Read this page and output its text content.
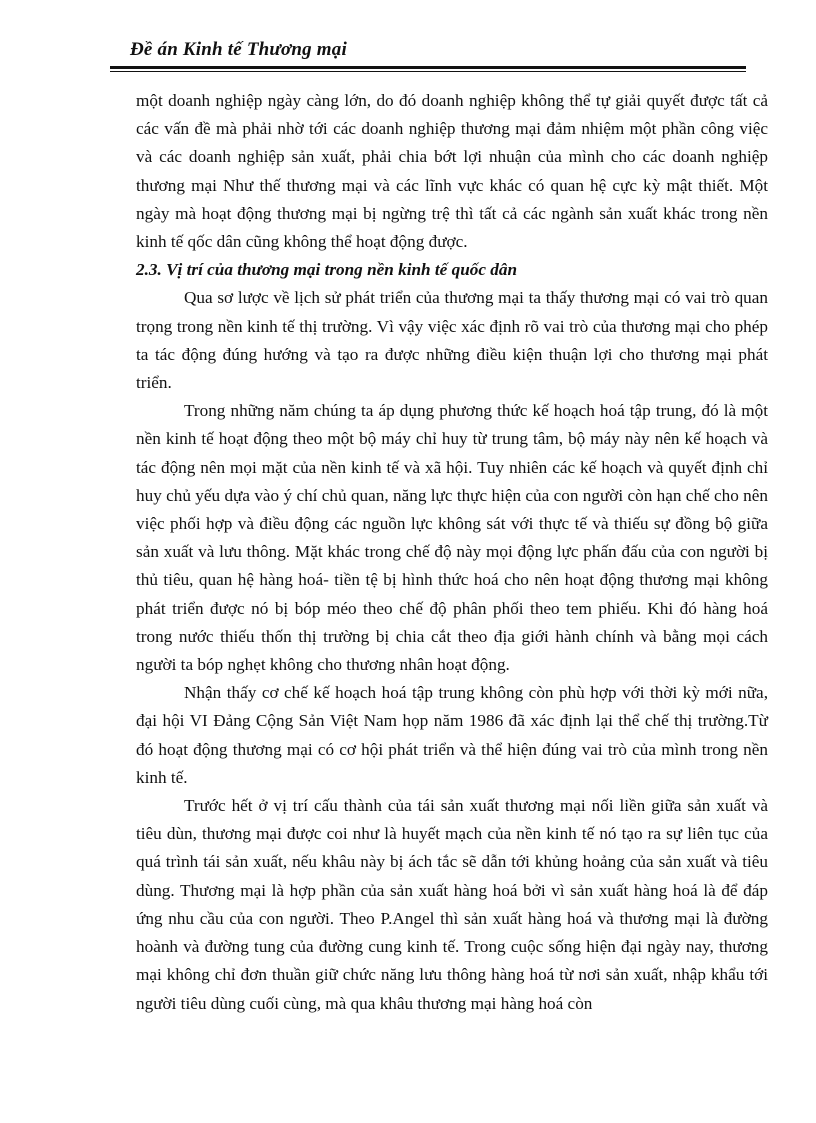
Đề án Kinh tế Thương mại

một doanh nghiệp ngày càng lớn, do đó doanh nghiệp không thể tự giải quyết được tất cả các vấn đề mà phải nhờ tới các doanh nghiệp thương mại đảm nhiệm một phần công việc và các doanh nghiệp sản xuất, phải chia bớt lợi nhuận của mình cho các doanh nghiệp thương mại Như thế thương mại và các lĩnh vực khác có quan hệ cực kỳ mật thiết. Một ngày mà hoạt động thương mại bị ngừng trệ thì tất cả các ngành sản xuất khác trong nền kinh tế qốc dân cũng không thể hoạt động được.

2.3. Vị trí của thương mại trong nền kinh tế quốc dân

Qua sơ lược về lịch sử phát triển của thương mại ta thấy thương mại có vai trò quan trọng trong nền kinh tế thị trường. Vì vậy việc xác định rõ vai trò của thương mại cho phép ta tác động đúng hướng và tạo ra được những điều kiện thuận lợi cho thương mại phát triển.

Trong những năm chúng ta áp dụng phương thức kế hoạch hoá tập trung, đó là một nền kinh tế hoạt động theo một bộ máy chỉ huy từ trung tâm, bộ máy này nên kế hoạch và tác động nên mọi mặt của nền kinh tế và xã hội. Tuy nhiên các kế hoạch và quyết định chỉ huy chủ yếu dựa vào ý chí chủ quan, năng lực thực hiện của con người còn hạn chế cho nên việc phối hợp và điều động các nguồn lực không sát với thực tế và thiếu sự đồng bộ giữa sản xuất và lưu thông. Mặt khác trong chế độ này mọi động lực phấn đấu của con người bị thủ tiêu, quan hệ hàng hoá- tiền tệ bị hình thức hoá cho nên hoạt động thương mại không phát triển được nó bị bóp méo theo chế độ phân phối theo tem phiếu. Khi đó hàng hoá trong nước thiếu thốn thị trường bị chia cắt theo địa giới hành chính và bằng mọi cách người ta bóp nghẹt không cho thương nhân hoạt động.

Nhận thấy cơ chế kế hoạch hoá tập trung không còn phù hợp với thời kỳ mới nữa, đại hội VI Đảng Cộng Sản Việt Nam họp năm 1986 đã xác định lại thể chế thị trường.Từ đó hoạt động thương mại có cơ hội phát triển và thể hiện đúng vai trò của mình trong nền kinh tế.

Trước hết ở vị trí cấu thành của tái sản xuất thương mại nối liền giữa sản xuất và tiêu dùn, thương mại được coi như là huyết mạch của nền kinh tế nó tạo ra sự liên tục của quá trình tái sản xuất, nếu khâu này bị ách tắc sẽ dẫn tới khủng hoảng của sản xuất và tiêu dùng. Thương mại là hợp phần của sản xuất hàng hoá bởi vì sản xuất hàng hoá là để đáp ứng nhu cầu của con người. Theo P.Angel thì sản xuất hàng hoá và thương mại là đường hoành và đường tung của đường cung kinh tế. Trong cuộc sống hiện đại ngày nay, thương mại không chỉ đơn thuần giữ chức năng lưu thông hàng hoá từ nơi sản xuất, nhập khẩu tới người tiêu dùng cuối cùng, mà qua khâu thương mại hàng hoá còn
